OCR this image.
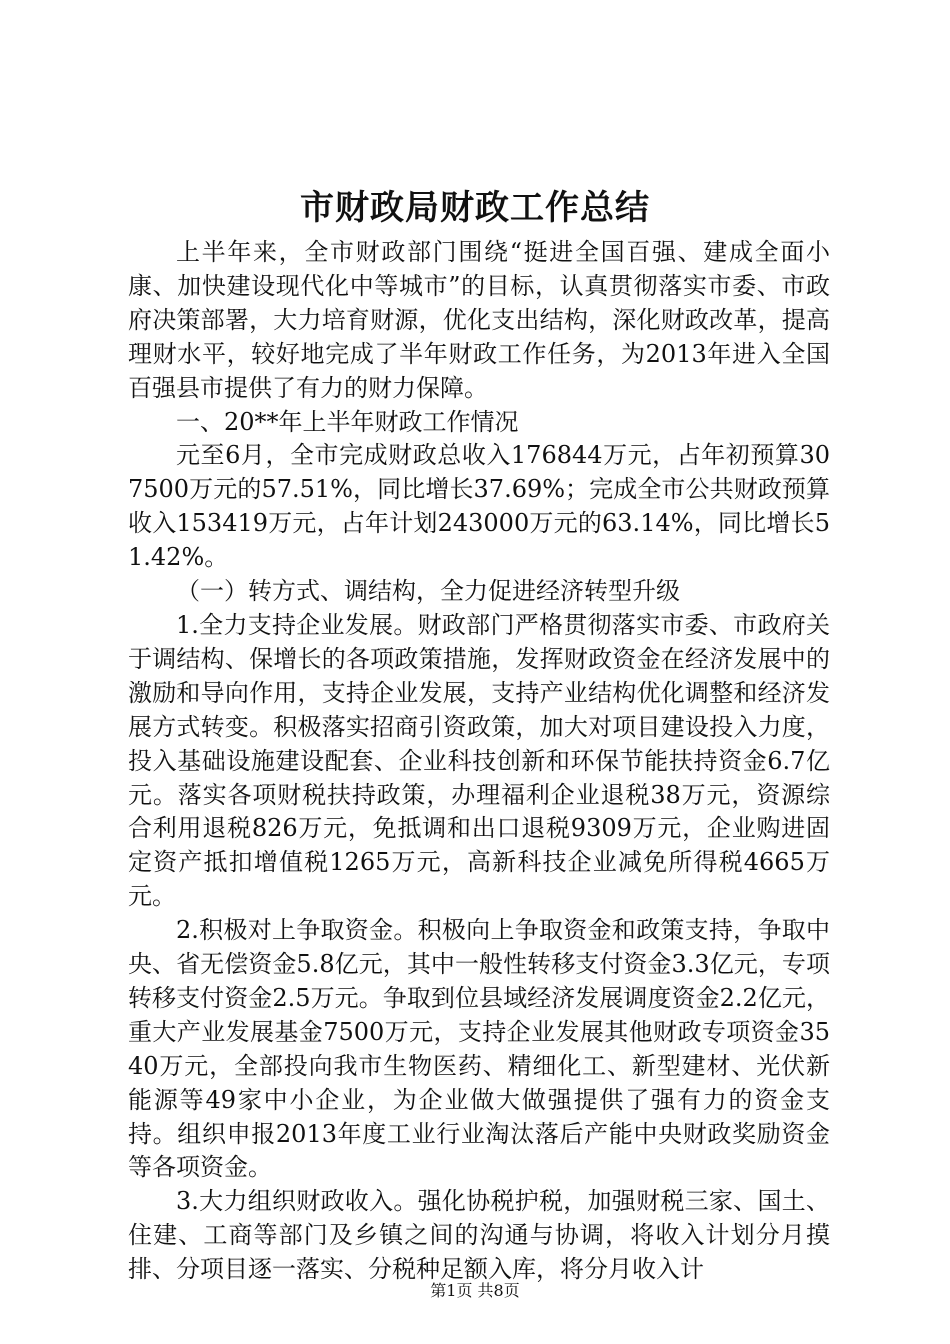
市财政局财政工作总结

上半年来，全市财政部门围绕“挺进全国百强、建成全面小康、加快建设现代化中等城市”的目标，认真贯彻落实市委、市政府决策部署，大力培育财源，优化支出结构，深化财政改革，提高理财水平，较好地完成了半年财政工作任务，为2013年进入全国百强县市提供了有力的财力保障。

一、20**年上半年财政工作情况

元至6月，全市完成财政总收入176844万元，占年初预算307500万元的57.51%，同比增长37.69%；完成全市公共财政预算收入153419万元，占年计划243000万元的63.14%，同比增长51.42%。

（一）转方式、调结构，全力促进经济转型升级

1.全力支持企业发展。财政部门严格贯彻落实市委、市政府关于调结构、保增长的各项政策措施，发挥财政资金在经济发展中的激励和导向作用，支持企业发展，支持产业结构优化调整和经济发展方式转变。积极落实招商引资政策，加大对项目建设投入力度，投入基础设施建设配套、企业科技创新和环保节能扶持资金6.7亿元。落实各项财税扶持政策，办理福利企业退税38万元，资源综合利用退税826万元，免抵调和出口退税9309万元，企业购进固定资产抵扣增值税1265万元，高新科技企业减免所得税4665万元。

2.积极对上争取资金。积极向上争取资金和政策支持，争取中央、省无偿资金5.8亿元，其中一般性转移支付资金3.3亿元，专项转移支付资金2.5万元。争取到位县域经济发展调度资金2.2亿元，重大产业发展基金7500万元，支持企业发展其他财政专项资金3540万元，全部投向我市生物医药、精细化工、新型建材、光伏新能源等49家中小企业，为企业做大做强提供了强有力的资金支持。组织申报2013年度工业行业淘汰落后产能中央财政奖励资金等各项资金。

3.大力组织财政收入。强化协税护税，加强财税三家、国土、住建、工商等部门及乡镇之间的沟通与协调，将收入计划分月摸排、分项目逐一落实、分税种足额入库，将分月收入计

第1页 共8页
